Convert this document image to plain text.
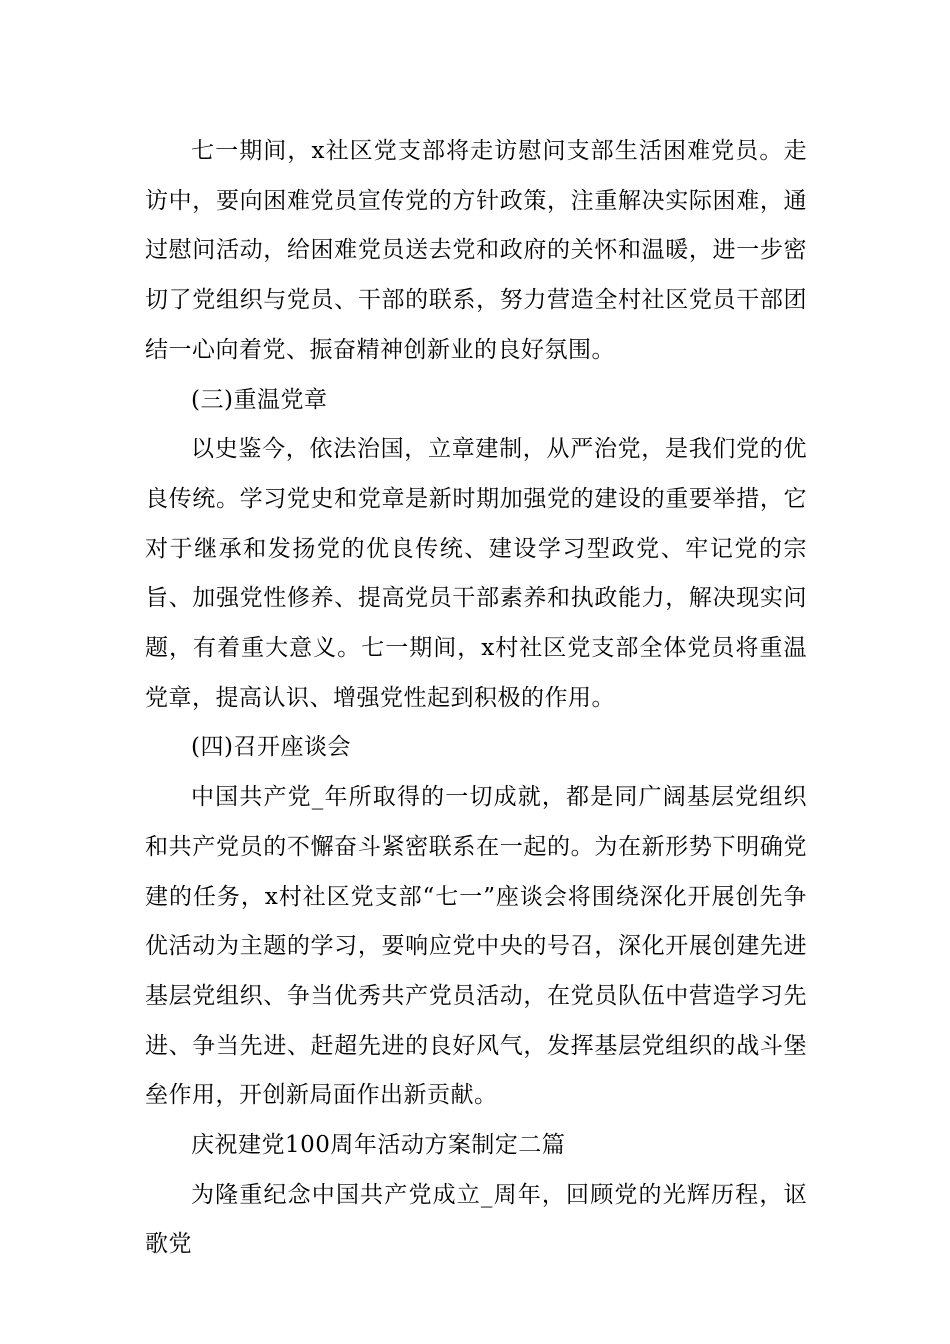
七一期间，x社区党支部将走访慰问支部生活困难党员。走访中，要向困难党员宣传党的方针政策，注重解决实际困难，通过慰问活动，给困难党员送去党和政府的关怀和温暖，进一步密切了党组织与党员、干部的联系，努力营造全村社区党员干部团结一心向着党、振奋精神创新业的良好氛围。

(三)重温党章

以史鉴今，依法治国，立章建制，从严治党，是我们党的优良传统。学习党史和党章是新时期加强党的建设的重要举措，它对于继承和发扬党的优良传统、建设学习型政党、牢记党的宗旨、加强党性修养、提高党员干部素养和执政能力，解决现实问题，有着重大意义。七一期间，x村社区党支部全体党员将重温党章，提高认识、增强党性起到积极的作用。

(四)召开座谈会

中国共产党_年所取得的一切成就，都是同广阔基层党组织和共产党员的不懈奋斗紧密联系在一起的。为在新形势下明确党建的任务，x村社区党支部“七一”座谈会将围绕深化开展创先争优活动为主题的学习，要响应党中央的号召，深化开展创建先进基层党组织、争当优秀共产党员活动，在党员队伍中营造学习先进、争当先进、赶超先进的良好风气，发挥基层党组织的战斗堡垒作用，开创新局面作出新贡献。

庆祝建党100周年活动方案制定二篇

为隆重纪念中国共产党成立_周年，回顾党的光辉历程，讴歌党
